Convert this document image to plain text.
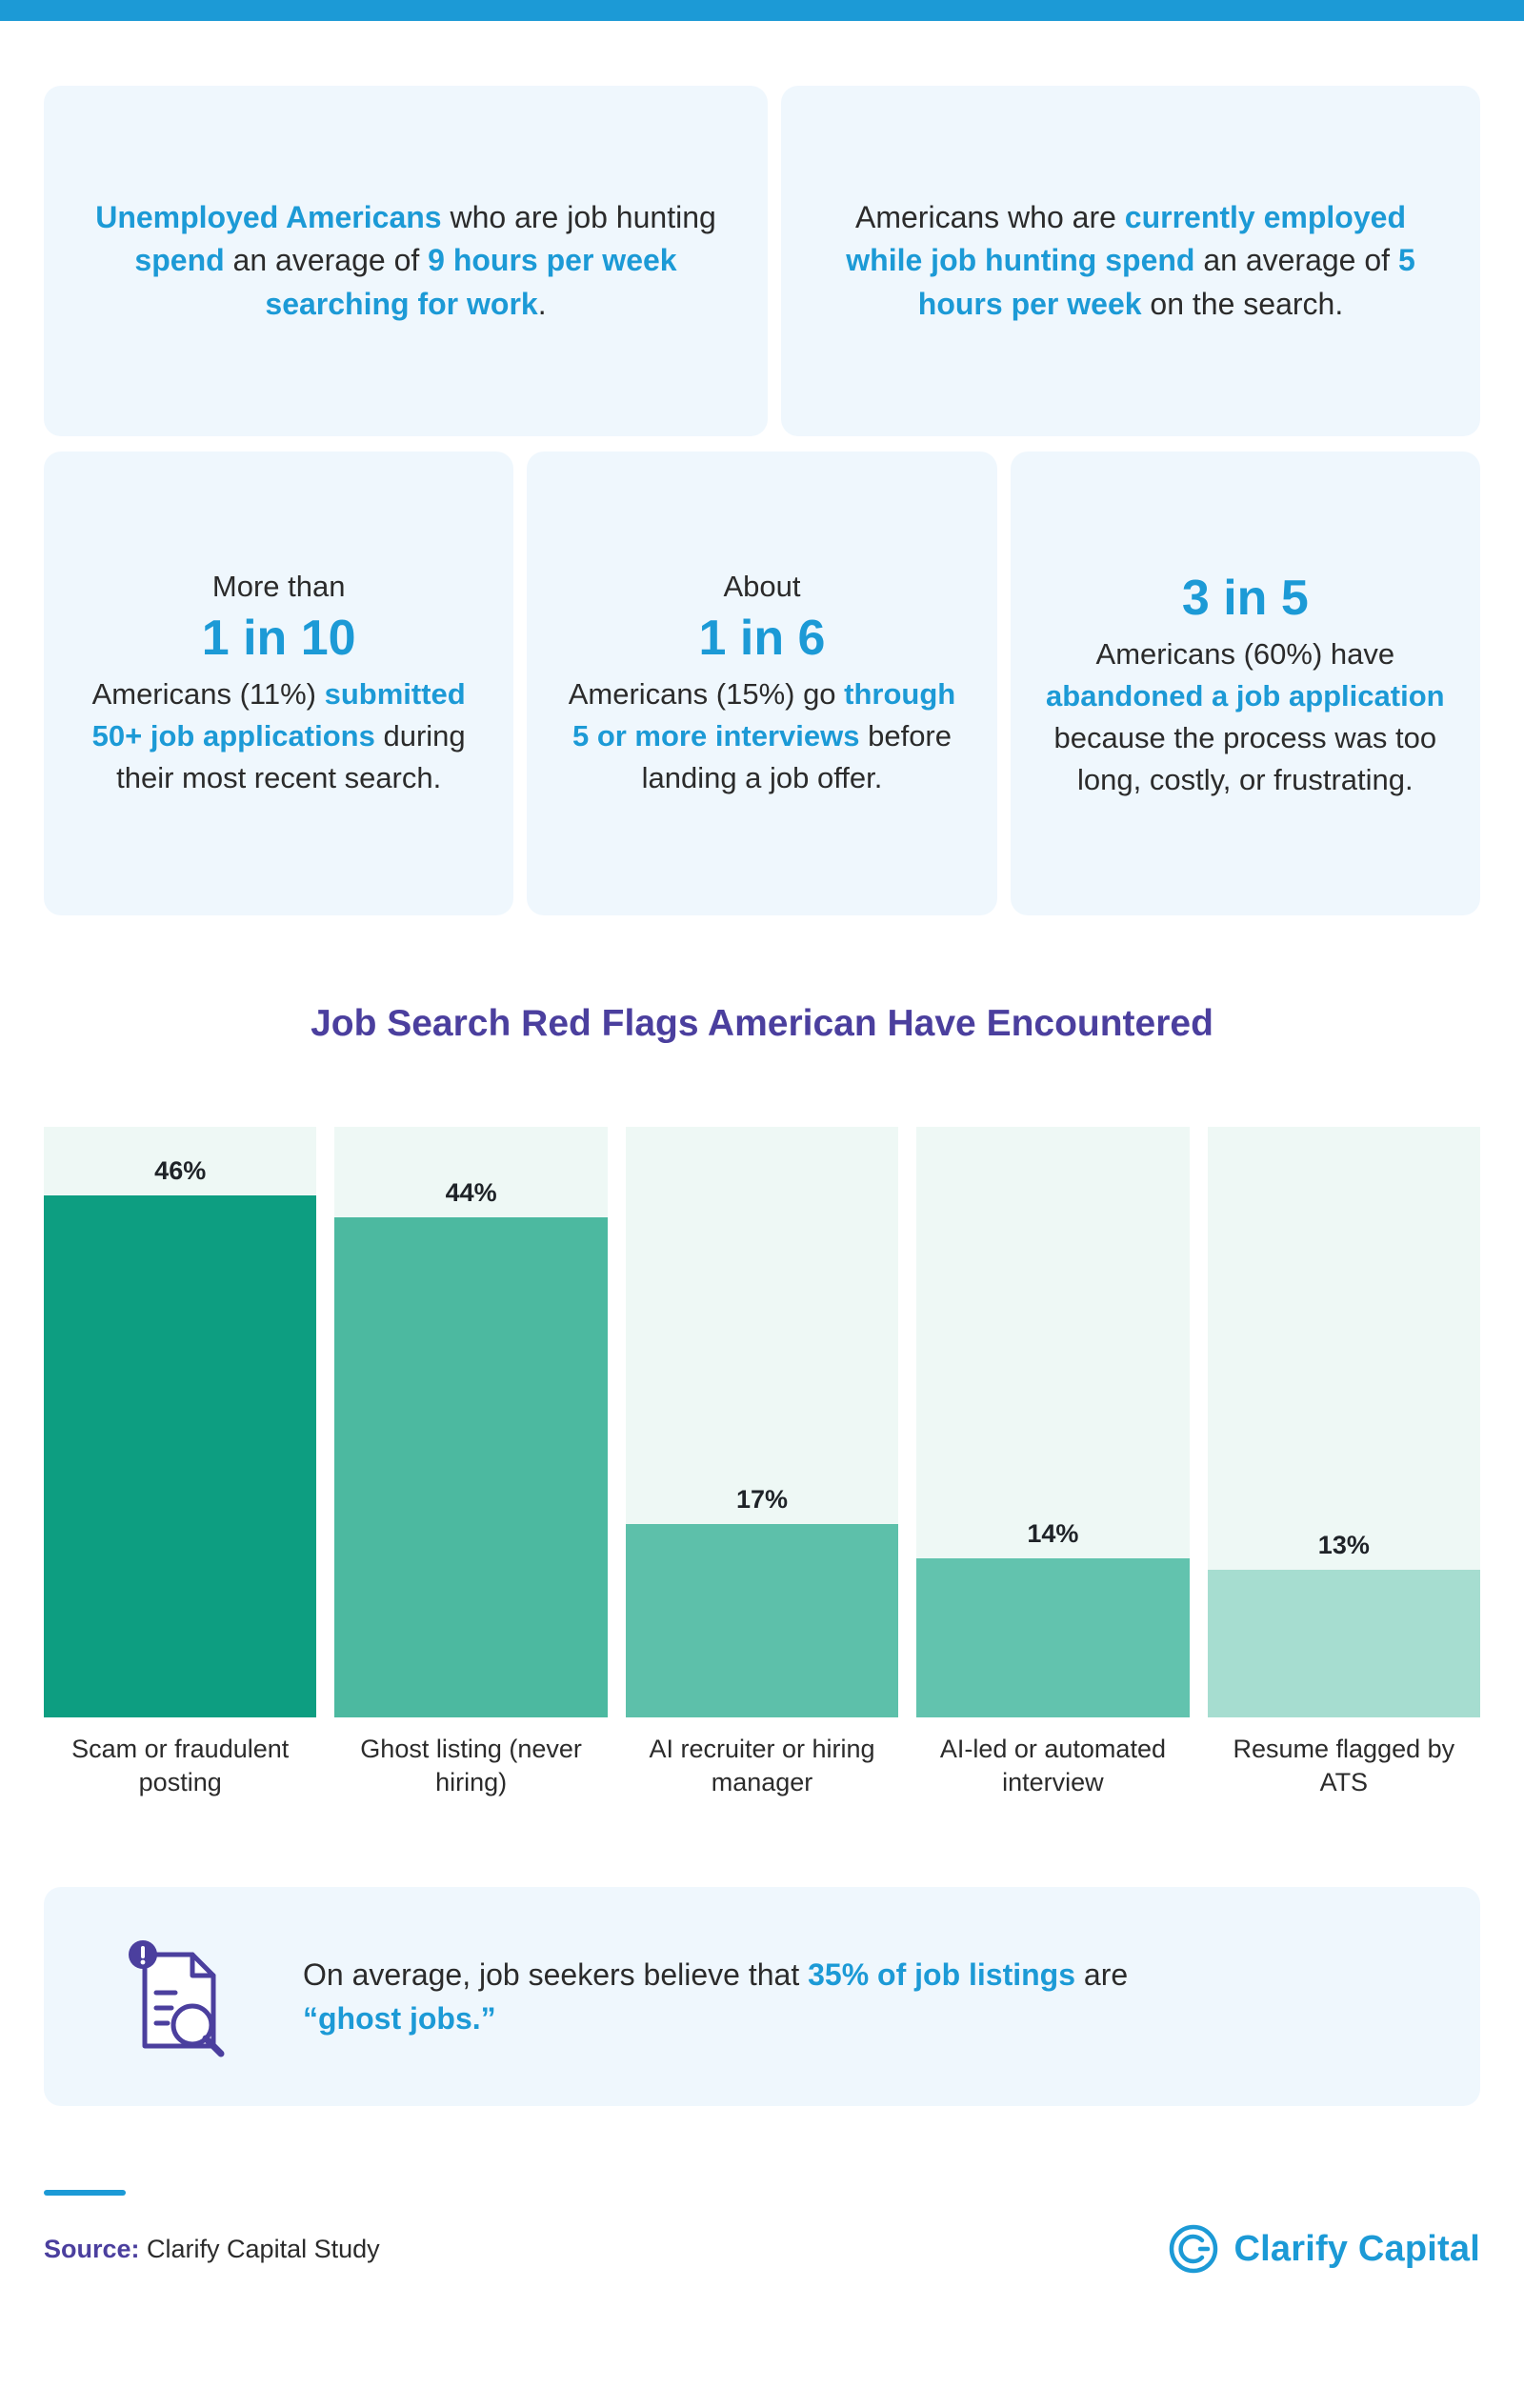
Unemployed Americans who are job hunting spend an average of 9 hours per week searching for work.
Americans who are currently employed while job hunting spend an average of 5 hours per week on the search.
More than
1 in 10
Americans (11%) submitted 50+ job applications during their most recent search.
About
1 in 6
Americans (15%) go through 5 or more interviews before landing a job offer.
3 in 5
Americans (60%) have abandoned a job application because the process was too long, costly, or frustrating.
Job Search Red Flags American Have Encountered
46%
44%
17%
14%	13%
Scam or fraudulent posting
Ghost listing (never hiring)
AI recruiter or hiring manager
AI-led or automated interview
Resume flagged by ATS
On average, job seekers believe that 35% of job listings are “ghost jobs.”
Source: Clarify Capital Study	Clarify Capital
